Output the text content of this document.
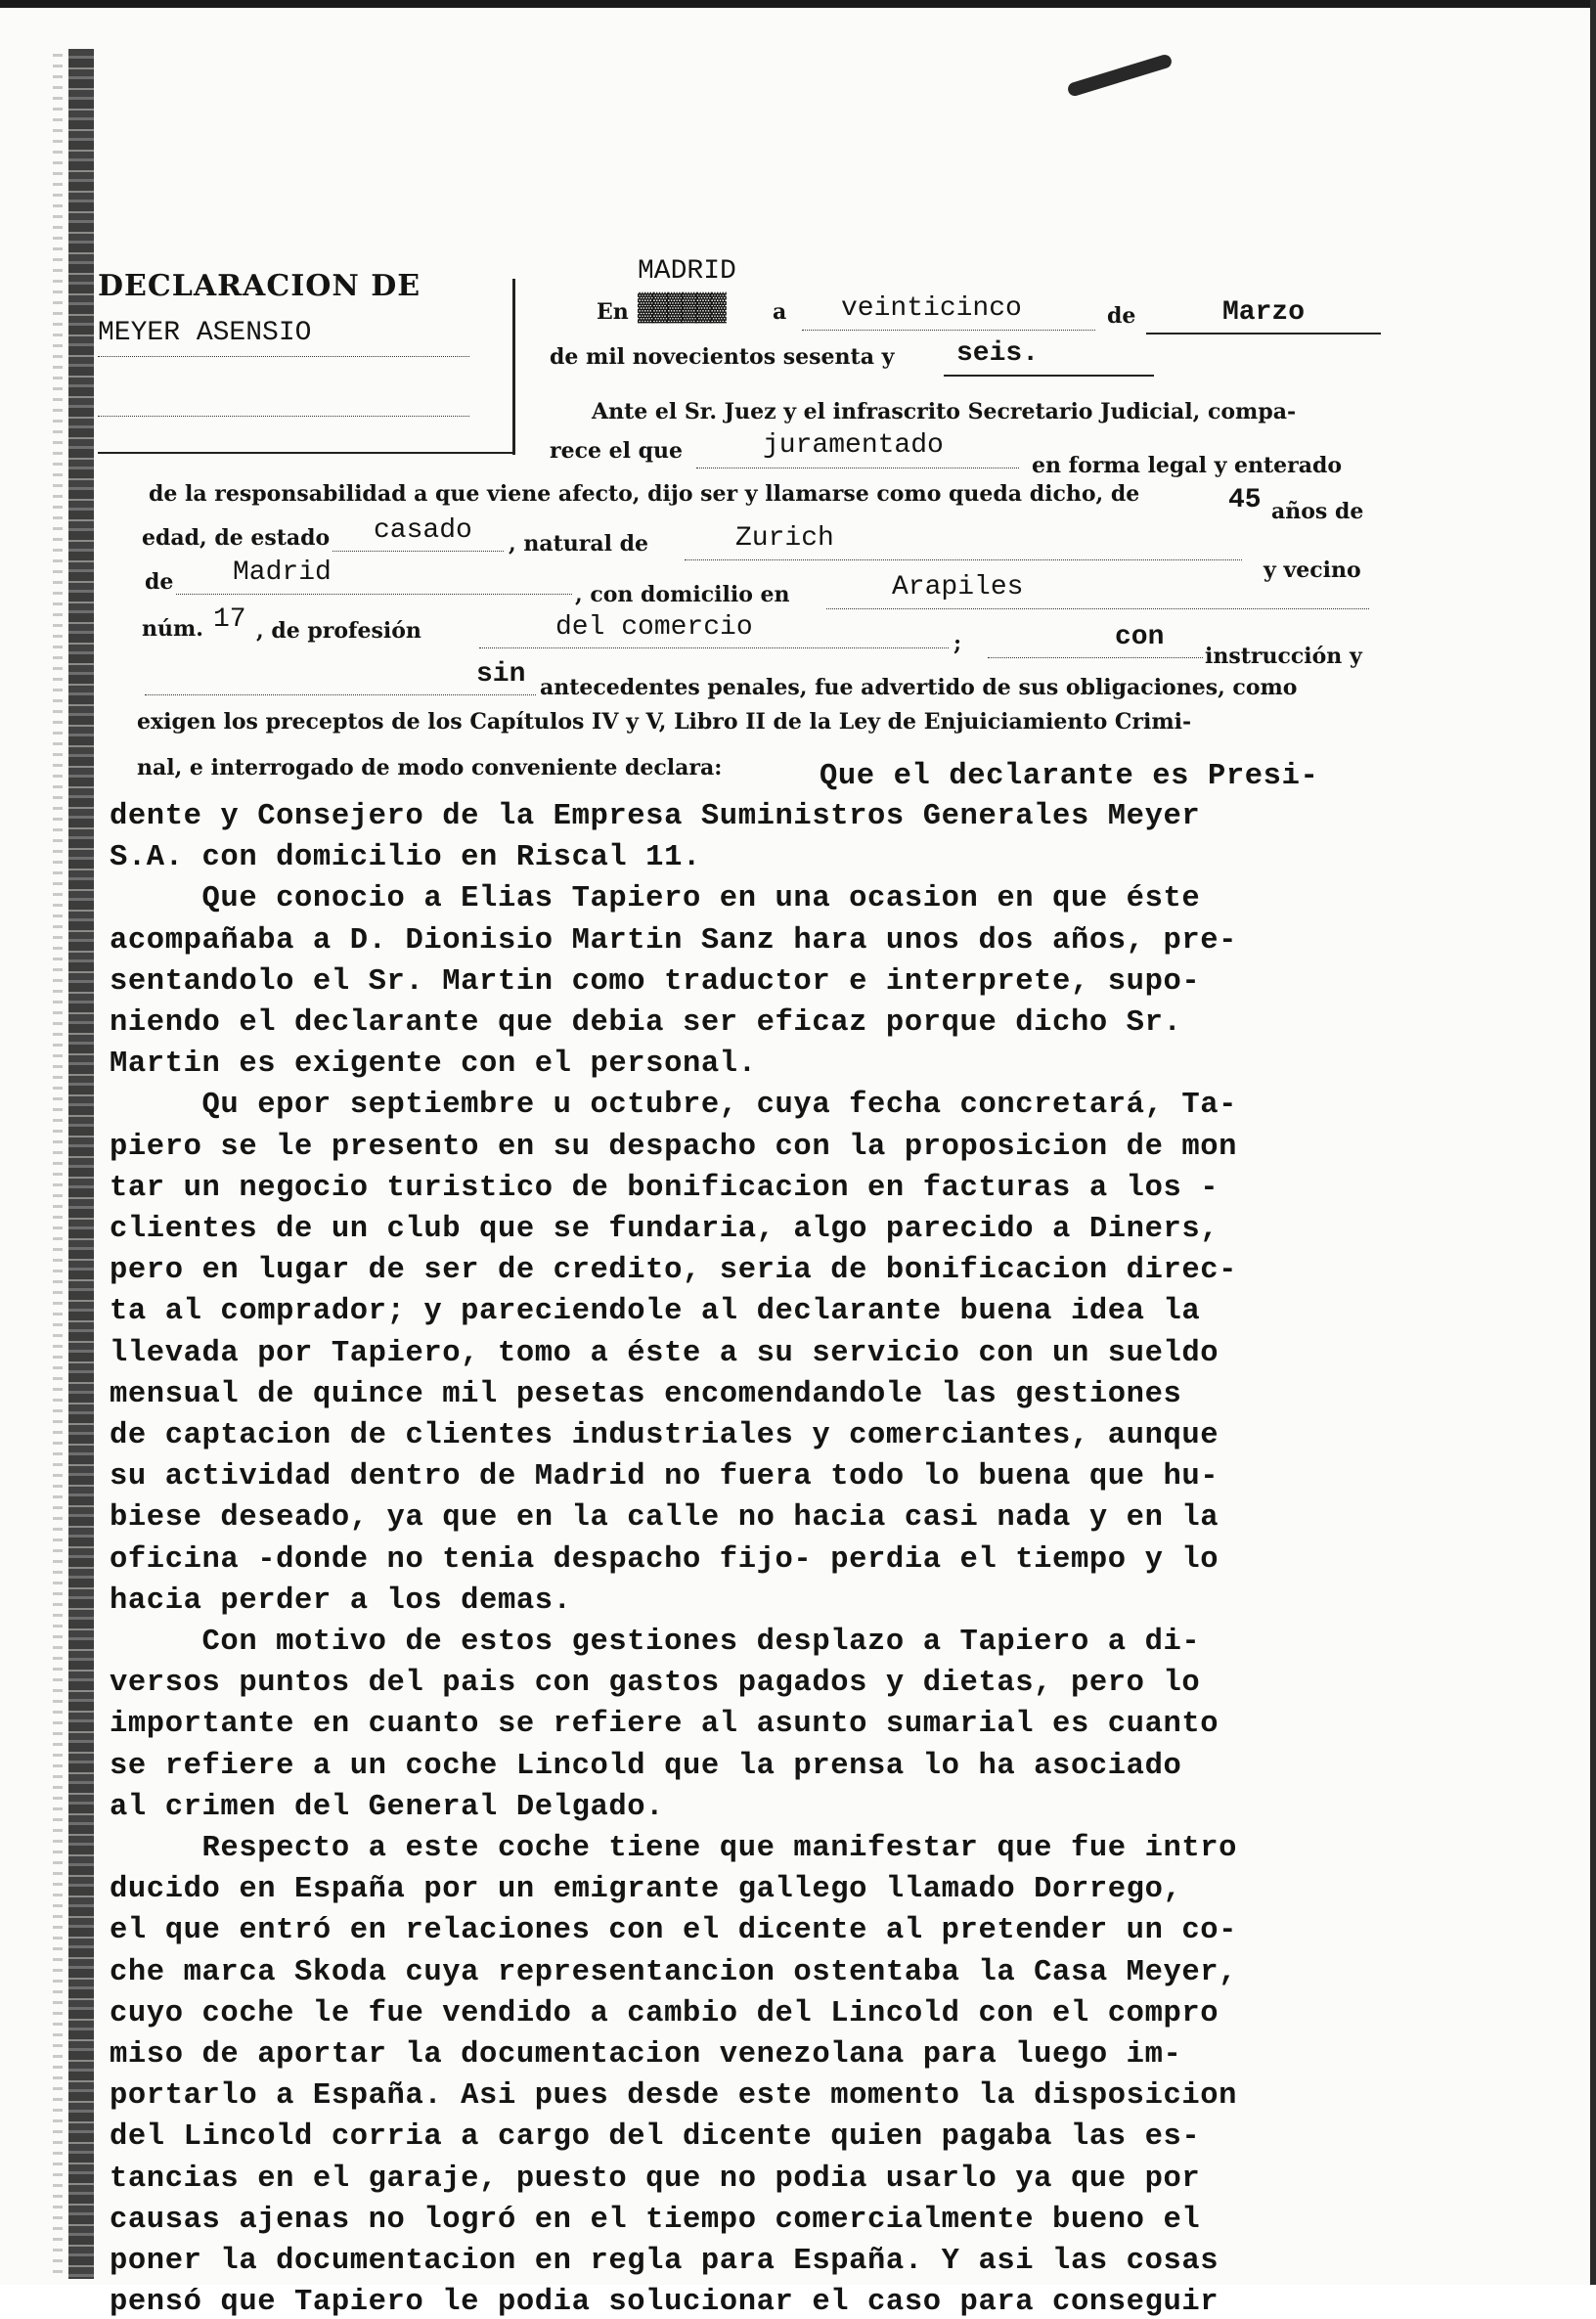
DECLARACION DE
MEYER ASENSIO
MADRID
En ▓▓▓▓▓▓ a veinticinco	de	Marzo
de mil novecientos sesenta y seis.
Ante el Sr. Juez y el infrascrito Secretario Judicial, compa-
rece el que	juramentado
en forma legal y enterado
de la responsabilidad a que viene afecto, dijo ser y llamarse como queda dicho, de	45 años de
edad, de estado casado , natural de	Zurich
y vecino
de Madrid
, con domicilio en	Arapiles
núm. 17 , de profesión	del comercio
;	con
instrucción y
sin antecedentes penales, fue advertido de sus obligaciones, como
exigen los preceptos de los Capítulos IV y V, Libro II de la Ley de Enjuiciamiento Crimi-
nal, e interrogado de modo conveniente declara:	Que el declarante es Presi-
dente y Consejero de la Empresa Suministros Generales Meyer
S.A. con domicilio en Riscal 11.
Que conocio a Elias Tapiero en una ocasion en que éste
acompañaba a D. Dionisio Martin Sanz hara unos dos años, pre-
sentandolo el Sr. Martin como traductor e interprete, supo-
niendo el declarante que debia ser eficaz porque dicho Sr.
Martin es exigente con el personal.
Qu epor septiembre u octubre, cuya fecha concretará, Ta-
piero se le presento en su despacho con la proposicion de mon
tar un negocio turistico de bonificacion en facturas a los -
clientes de un club que se fundaria, algo parecido a Diners,
pero en lugar de ser de credito, seria de bonificacion direc-
ta al comprador; y pareciendole al declarante buena idea la
llevada por Tapiero, tomo a éste a su servicio con un sueldo
mensual de quince mil pesetas encomendandole las gestiones
de captacion de clientes industriales y comerciantes, aunque
su actividad dentro de Madrid no fuera todo lo buena que hu-
biese deseado, ya que en la calle no hacia casi nada y en la
oficina -donde no tenia despacho fijo- perdia el tiempo y lo
hacia perder a los demas.
Con motivo de estos gestiones desplazo a Tapiero a di-
versos puntos del pais con gastos pagados y dietas, pero lo
importante en cuanto se refiere al asunto sumarial es cuanto
se refiere a un coche Lincold que la prensa lo ha asociado
al crimen del General Delgado.
Respecto a este coche tiene que manifestar que fue intro
ducido en España por un emigrante gallego llamado Dorrego,
el que entró en relaciones con el dicente al pretender un co-
che marca Skoda cuya representancion ostentaba la Casa Meyer,
cuyo coche le fue vendido a cambio del Lincold con el compro
miso de aportar la documentacion venezolana para luego im-
portarlo a España. Asi pues desde este momento la disposicion
del Lincold corria a cargo del dicente quien pagaba las es-
tancias en el garaje, puesto que no podia usarlo ya que por
causas ajenas no logró en el tiempo comercialmente bueno el
poner la documentacion en regla para España. Y asi las cosas
pensó que Tapiero le podia solucionar el caso para conseguir
